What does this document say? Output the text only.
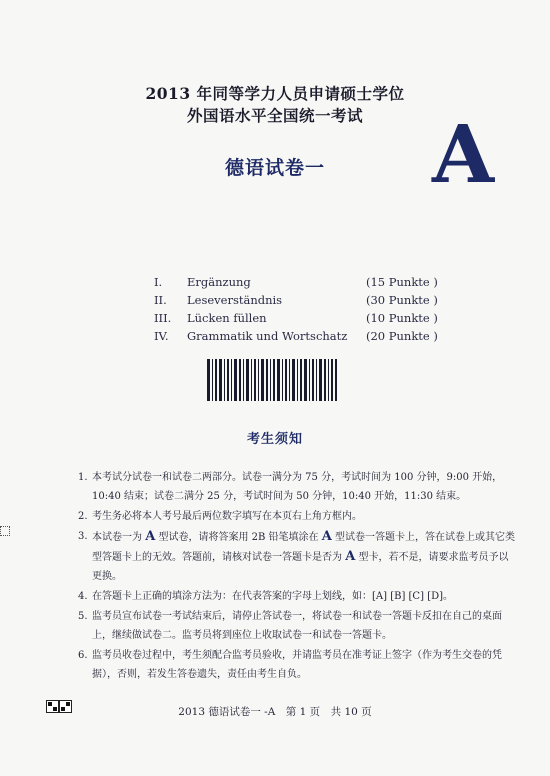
2013 年同等学力人员申请硕士学位
外国语水平全国统一考试 A
德语试卷一
I. Ergänzung	(15 Punkte )
II. Leseverständnis	(30 Punkte )
III. Lücken füllen	(10 Punkte )
IV. Grammatik und Wortschatz (20 Punkte )
考生须知
1. 本考试分试卷一和试卷二两部分。试卷一满分为 75 分，考试时间为 100 分钟，9:00 开始，10:40 结束；试卷二满分 25 分，考试时间为 50 分钟，10:40 开始，11:30 结束。
2. 考生务必将本人考号最后两位数字填写在本页右上角方框内。
3. 本试卷一为 A 型试卷，请将答案用 2B 铅笔填涂在 A 型试卷一答题卡上，答在试卷上或其它类型答题卡上的无效。答题前，请核对试卷一答题卡是否为 A 型卡，若不是，请要求监考员予以更换。
4. 在答题卡上正确的填涂方法为：在代表答案的字母上划线，如：[A] [B] [C] [D]。
5. 监考员宣布试卷一考试结束后，请停止答试卷一，将试卷一和试卷一答题卡反扣在自己的桌面上，继续做试卷二。监考员将到座位上收取试卷一和试卷一答题卡。
6. 监考员收卷过程中，考生须配合监考员验收，并请监考员在准考证上签字（作为考生交卷的凭据），否则，若发生答卷遗失，责任由考生自负。
2013 德语试卷一 -A　第 1 页　共 10 页
